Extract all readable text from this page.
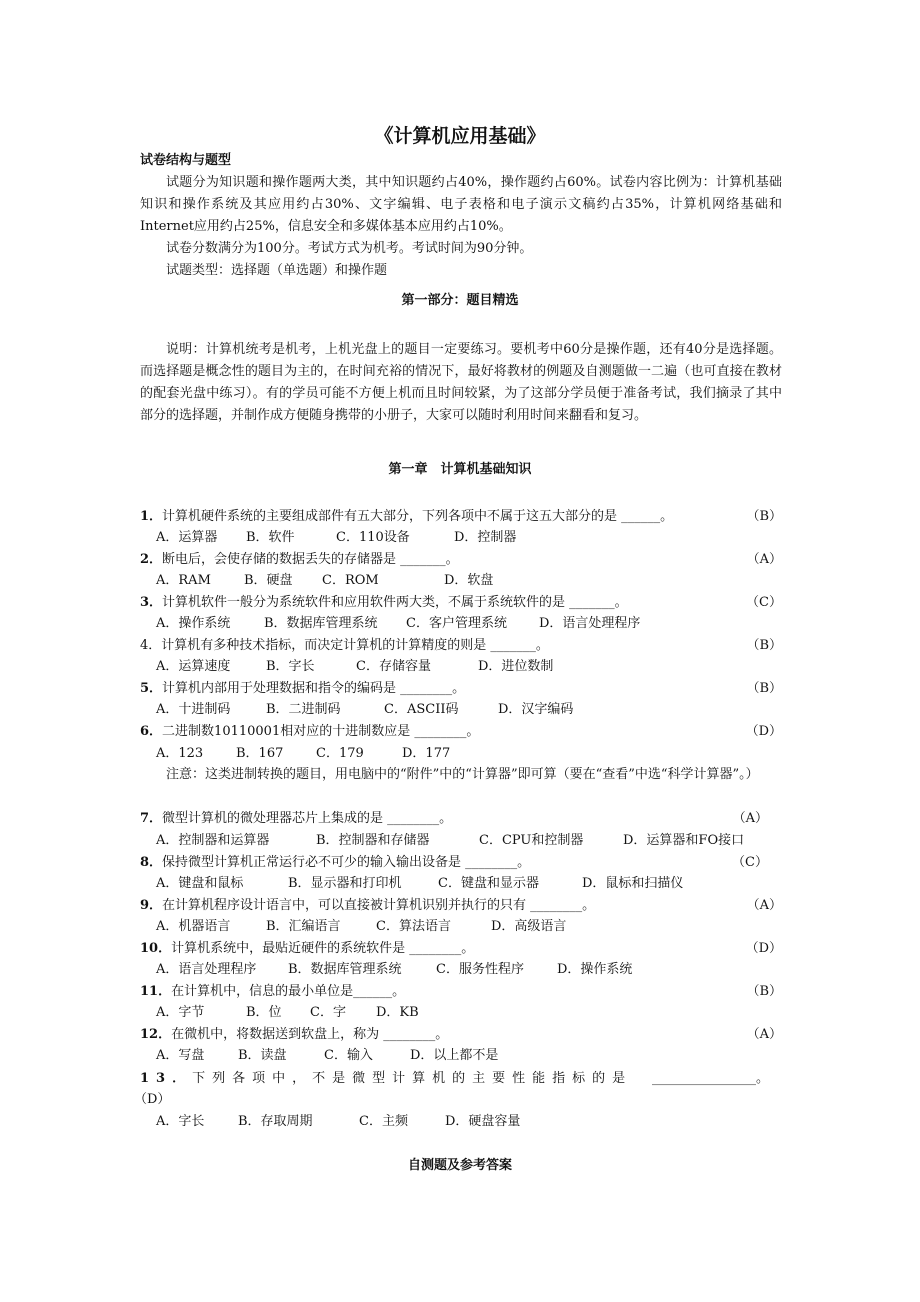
《计算机应用基础》
试卷结构与题型
试题分为知识题和操作题两大类，其中知识题约占40%，操作题约占60%。试卷内容比例为：计算机基础知识和操作系统及其应用约占30%、文字编辑、电子表格和电子演示文稿约占35%，计算机网络基础和Internet应用约占25%，信息安全和多媒体基本应用约占10%。
试卷分数满分为100分。考试方式为机考。考试时间为90分钟。
试题类型：选择题（单选题）和操作题
第一部分：题目精选
说明：计算机统考是机考，上机光盘上的题目一定要练习。要机考中60分是操作题，还有40分是选择题。而选择题是概念性的题目为主的，在时间充裕的情况下，最好将教材的例题及自测题做一二遍（也可直接在教材的配套光盘中练习）。有的学员可能不方便上机而且时间较紧，为了这部分学员便于准备考试，我们摘录了其中部分的选择题，并制作成方便随身携带的小册子，大家可以随时利用时间来翻看和复习。
第一章　计算机基础知识
1．计算机硬件系统的主要组成部件有五大部分，下列各项中不属于这五大部分的是 ______。	（B）
A．运算器 B．软件	C．110设备	D．控制器
2．断电后，会使存储的数据丢失的存储器是 _______。	（A）
A．RAM	B．硬盘 C．ROM	D．软盘
3．计算机软件一般分为系统软件和应用软件两大类，不属于系统软件的是 _______。	（C）
A．操作系统	B．数据库管理系统 C．客户管理系统 D．语言处理程序
4．计算机有多种技术指标，而决定计算机的计算精度的则是 _______。	（B）
A．运算速度	B．字长	C．存储容量	D．进位数制
5．计算机内部用于处理数据和指令的编码是 ________。	（B）
A．十进制码	B．二进制码	C．ASCII码	D．汉字编码
6．二进制数10110001相对应的十进制数应是 ________。	（D）
A．123	B．167	C．179	D．177
注意：这类进制转换的题目，用电脑中的“附件”中的“计算器”即可算（要在“查看”中选“科学计算器”。）
7．微型计算机的微处理器芯片上集成的是 ________。	（A）
A．控制器和运算器	B．控制器和存储器	C．CPU和控制器	D．运算器和FO接口
8．保持微型计算机正常运行必不可少的输入输出设备是 ________。	（C）
A．键盘和鼠标	B．显示器和打印机	C．键盘和显示器	D．鼠标和扫描仪
9．在计算机程序设计语言中，可以直接被计算机识别并执行的只有 ________。	（A）
A．机器语言	B．汇编语言	C．算法语言	D．高级语言
10．计算机系统中，最贴近硬件的系统软件是 ________。	（D）
A．语言处理程序 B．数据库管理系统	C．服务性程序	D．操作系统
11．在计算机中，信息的最小单位是______。	（B）
A．字节	B．位 C．字 D．KB
12．在微机中，将数据送到软盘上，称为 ________。	（A）
A．写盘	B．读盘	C．输入	D．以上都不是
13．下列各项中，不是微型计算机的主要性能指标的是	________________。
（D）
A．字长	B．存取周期	C．主频	D．硬盘容量
自测题及参考答案
